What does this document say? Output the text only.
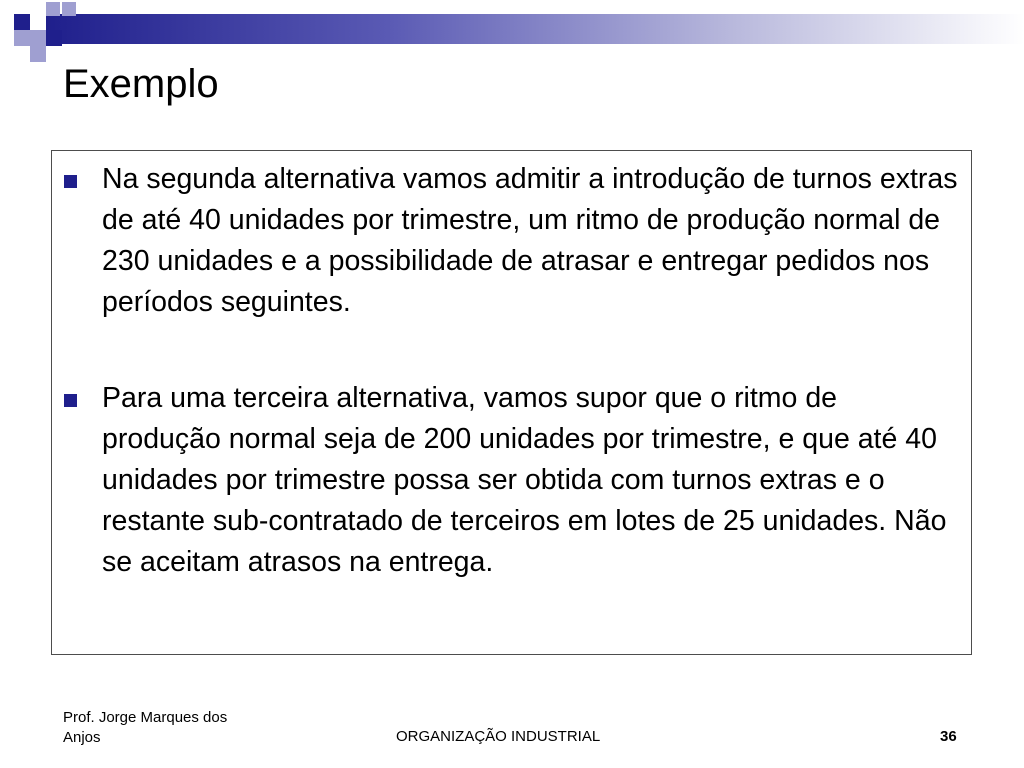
Exemplo
Na segunda alternativa vamos admitir a introdução de turnos extras de até 40 unidades por trimestre, um ritmo de produção normal de 230 unidades e a possibilidade de atrasar e entregar pedidos nos períodos seguintes.
Para uma terceira alternativa, vamos supor que o ritmo de produção normal seja de 200 unidades por trimestre, e que até 40 unidades por trimestre possa ser obtida com turnos extras e o restante sub-contratado de terceiros em lotes de 25 unidades. Não se aceitam atrasos na entrega.
Prof. Jorge Marques dos Anjos	ORGANIZAÇÃO INDUSTRIAL	36
